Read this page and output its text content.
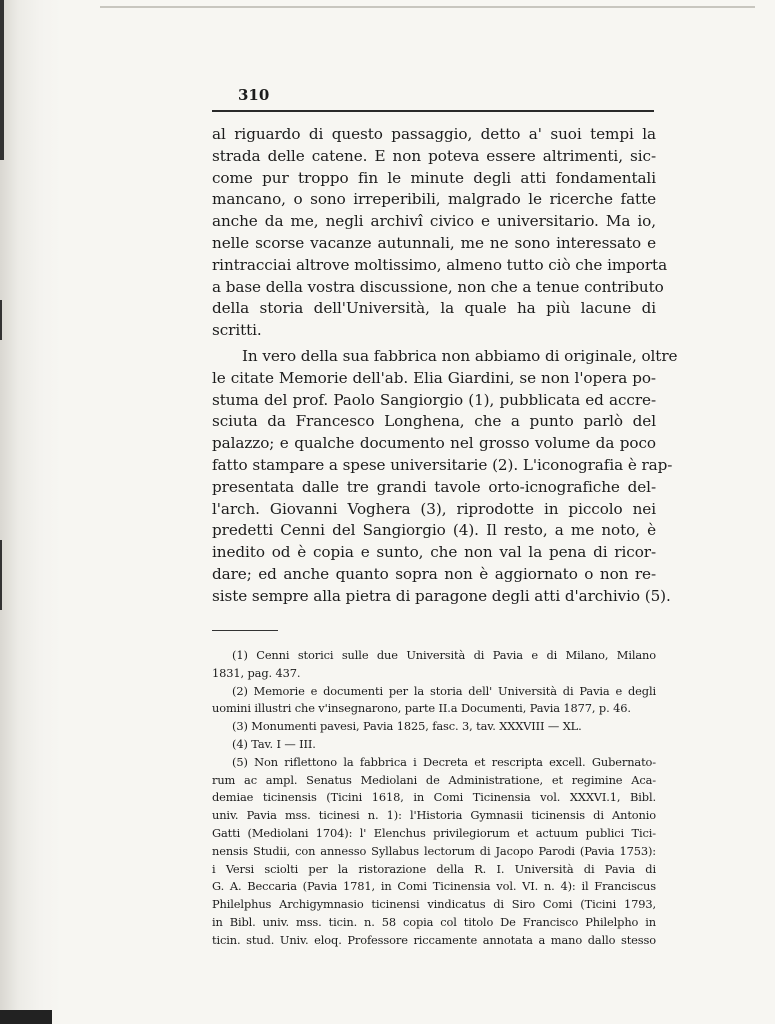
310

al riguardo di questo passaggio, detto a' suoi tempi la

strada delle catene. E non poteva essere altrimenti, sic-

come pur troppo fin le minute degli atti fondamentali

mancano, o sono irreperibili, malgrado le ricerche fatte

anche da me, negli archivî civico e universitario. Ma io,

nelle scorse vacanze autunnali, me ne sono interessato e

rintracciai altrove moltissimo, almeno tutto ciò che importa

a base della vostra discussione, non che a tenue contributo

della storia dell'Università, la quale ha più lacune di

scritti.

In vero della sua fabbrica non abbiamo di originale, oltre

le citate Memorie dell'ab. Elia Giardini, se non l'opera po-

stuma del prof. Paolo Sangiorgio (1), pubblicata ed accre-

sciuta da Francesco Longhena, che a punto parlò del

palazzo; e qualche documento nel grosso volume da poco

fatto stampare a spese universitarie (2). L'iconografia è rap-

presentata dalle tre grandi tavole orto-icnografiche del-

l'arch. Giovanni Voghera (3), riprodotte in piccolo nei

predetti Cenni del Sangiorgio (4). Il resto, a me noto, è

inedito od è copia e sunto, che non val la pena di ricor-

dare; ed anche quanto sopra non è aggiornato o non re-

siste sempre alla pietra di paragone degli atti d'archivio (5).

(1) Cenni storici sulle due Università di Pavia e di Milano, Milano

1831, pag. 437.

(2) Memorie e documenti per la storia dell' Università di Pavia e degli

uomini illustri che v'insegnarono, parte II.a Documenti, Pavia 1877, p. 46.

(3) Monumenti pavesi, Pavia 1825, fasc. 3, tav. XXXVIII — XL.

(4) Tav. I — III.

(5) Non riflettono la fabbrica i Decreta et rescripta excell. Gubernato-

rum ac ampl. Senatus Mediolani de Administratione, et regimine Aca-

demiae ticinensis (Ticini 1618, in Comi Ticinensia vol. XXXVI.1, Bibl.

univ. Pavia mss. ticinesi n. 1): l'Historia Gymnasii ticinensis di Antonio

Gatti (Mediolani 1704): l' Elenchus privilegiorum et actuum publici Tici-

nensis Studii, con annesso Syllabus lectorum di Jacopo Parodi (Pavia 1753):

i Versi sciolti per la ristorazione della R. I. Università di Pavia di

G. A. Beccaria (Pavia 1781, in Comi Ticinensia vol. VI. n. 4): il Franciscus

Philelphus Archigymnasio ticinensi vindicatus di Siro Comi (Ticini 1793,

in Bibl. univ. mss. ticin. n. 58 copia col titolo De Francisco Philelpho in

ticin. stud. Univ. eloq. Professore riccamente annotata a mano dallo stesso
